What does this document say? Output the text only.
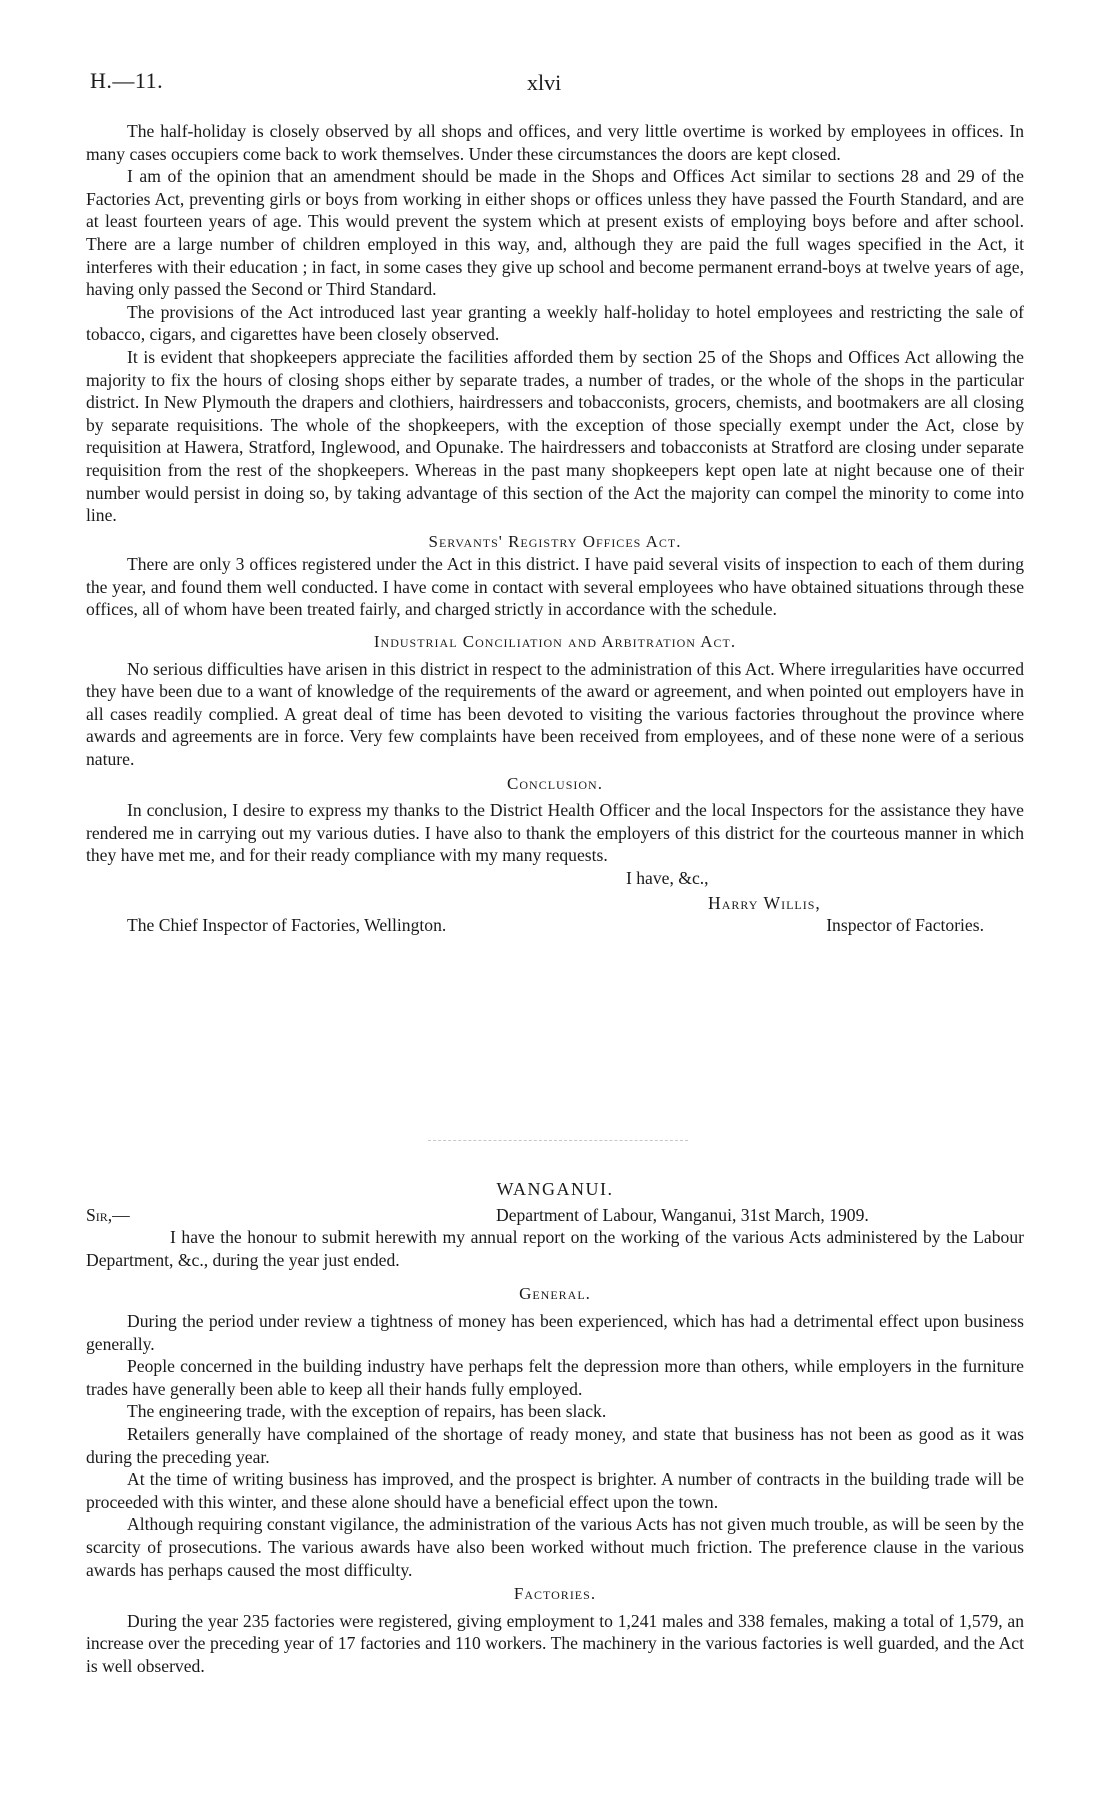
H.—11.	xlvi

The half-holiday is closely observed by all shops and offices, and very little overtime is worked by employees in offices. In many cases occupiers come back to work themselves. Under these circumstances the doors are kept closed.

I am of the opinion that an amendment should be made in the Shops and Offices Act similar to sections 28 and 29 of the Factories Act, preventing girls or boys from working in either shops or offices unless they have passed the Fourth Standard, and are at least fourteen years of age. This would prevent the system which at present exists of employing boys before and after school. There are a large number of children employed in this way, and, although they are paid the full wages specified in the Act, it interferes with their education ; in fact, in some cases they give up school and become permanent errand-boys at twelve years of age, having only passed the Second or Third Standard.

The provisions of the Act introduced last year granting a weekly half-holiday to hotel employees and restricting the sale of tobacco, cigars, and cigarettes have been closely observed.

It is evident that shopkeepers appreciate the facilities afforded them by section 25 of the Shops and Offices Act allowing the majority to fix the hours of closing shops either by separate trades, a number of trades, or the whole of the shops in the particular district. In New Plymouth the drapers and clothiers, hairdressers and tobacconists, grocers, chemists, and bootmakers are all closing by separate requisitions. The whole of the shopkeepers, with the exception of those specially exempt under the Act, close by requisition at Hawera, Stratford, Inglewood, and Opunake. The hairdressers and tobacconists at Stratford are closing under separate requisition from the rest of the shopkeepers. Whereas in the past many shopkeepers kept open late at night because one of their number would persist in doing so, by taking advantage of this section of the Act the majority can compel the minority to come into line.

Servants' Registry Offices Act.

There are only 3 offices registered under the Act in this district. I have paid several visits of inspection to each of them during the year, and found them well conducted. I have come in contact with several employees who have obtained situations through these offices, all of whom have been treated fairly, and charged strictly in accordance with the schedule.

Industrial Conciliation and Arbitration Act.

No serious difficulties have arisen in this district in respect to the administration of this Act. Where irregularities have occurred they have been due to a want of knowledge of the requirements of the award or agreement, and when pointed out employers have in all cases readily complied. A great deal of time has been devoted to visiting the various factories throughout the province where awards and agreements are in force. Very few complaints have been received from employees, and of these none were of a serious nature.

Conclusion.

In conclusion, I desire to express my thanks to the District Health Officer and the local Inspectors for the assistance they have rendered me in carrying out my various duties. I have also to thank the employers of this district for the courteous manner in which they have met me, and for their ready compliance with my many requests.

I have, &c.,
Harry Willis,
The Chief Inspector of Factories, Wellington.	Inspector of Factories.

WANGANUI.

Sir,—	Department of Labour, Wanganui, 31st March, 1909.

I have the honour to submit herewith my annual report on the working of the various Acts administered by the Labour Department, &c., during the year just ended.

General.

During the period under review a tightness of money has been experienced, which has had a detrimental effect upon business generally.

People concerned in the building industry have perhaps felt the depression more than others, while employers in the furniture trades have generally been able to keep all their hands fully employed.

The engineering trade, with the exception of repairs, has been slack.

Retailers generally have complained of the shortage of ready money, and state that business has not been as good as it was during the preceding year.

At the time of writing business has improved, and the prospect is brighter. A number of contracts in the building trade will be proceeded with this winter, and these alone should have a beneficial effect upon the town.

Although requiring constant vigilance, the administration of the various Acts has not given much trouble, as will be seen by the scarcity of prosecutions. The various awards have also been worked without much friction. The preference clause in the various awards has perhaps caused the most difficulty.

Factories.

During the year 235 factories were registered, giving employment to 1,241 males and 338 females, making a total of 1,579, an increase over the preceding year of 17 factories and 110 workers. The machinery in the various factories is well guarded, and the Act is well observed.
